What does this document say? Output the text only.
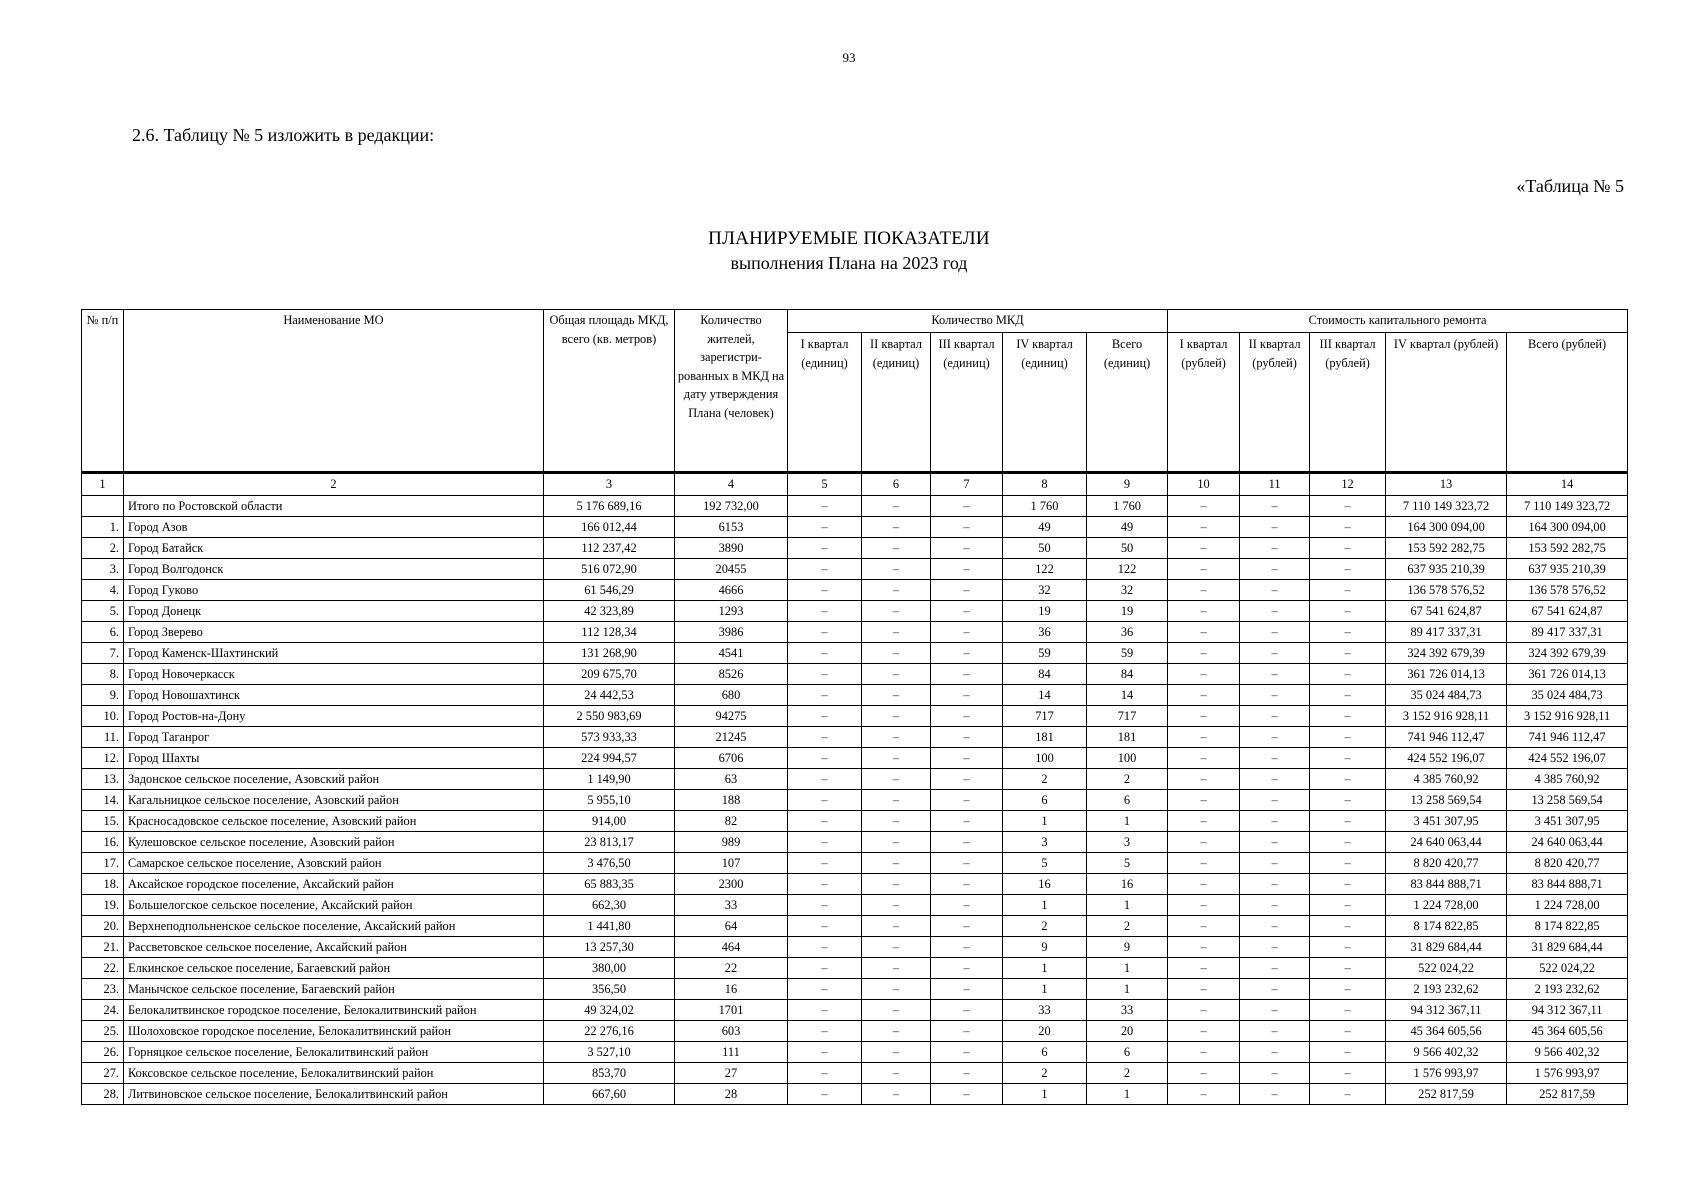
93
2.6. Таблицу № 5 изложить в редакции:
«Таблица № 5
ПЛАНИРУЕМЫЕ ПОКАЗАТЕЛИ
выполнения Плана на 2023 год
№ п/п	Наименование МО	Общая площадь МКД, всего (кв. метров)	Количество жителей, зарегистри-рованных в МКД на дату утверждения Плана (человек)	Количество МКД					Стоимость капитального ремонта				
				I квартал (единиц)	II квартал (единиц)	III квартал (единиц)	IV квартал (единиц)	Всего (единиц)	I квартал (рублей)	II квартал (рублей)	III квартал (рублей)	IV квартал (рублей)	Всего (рублей)
1	2	3	4	5	6	7	8	9	10	11	12	13	14
	Итого по Ростовской области	5 176 689,16	192 732,00	–	–	–	1 760	1 760	–	–	–	7 110 149 323,72	7 110 149 323,72
1.	Город Азов	166 012,44	6153	–	–	–	49	49	–	–	–	164 300 094,00	164 300 094,00
2.	Город Батайск	112 237,42	3890	–	–	–	50	50	–	–	–	153 592 282,75	153 592 282,75
3.	Город Волгодонск	516 072,90	20455	–	–	–	122	122	–	–	–	637 935 210,39	637 935 210,39
4.	Город Гуково	61 546,29	4666	–	–	–	32	32	–	–	–	136 578 576,52	136 578 576,52
5.	Город Донецк	42 323,89	1293	–	–	–	19	19	–	–	–	67 541 624,87	67 541 624,87
6.	Город Зверево	112 128,34	3986	–	–	–	36	36	–	–	–	89 417 337,31	89 417 337,31
7.	Город Каменск-Шахтинский	131 268,90	4541	–	–	–	59	59	–	–	–	324 392 679,39	324 392 679,39
8.	Город Новочеркасск	209 675,70	8526	–	–	–	84	84	–	–	–	361 726 014,13	361 726 014,13
9.	Город Новошахтинск	24 442,53	680	–	–	–	14	14	–	–	–	35 024 484,73	35 024 484,73
10.	Город Ростов-на-Дону	2 550 983,69	94275	–	–	–	717	717	–	–	–	3 152 916 928,11	3 152 916 928,11
11.	Город Таганрог	573 933,33	21245	–	–	–	181	181	–	–	–	741 946 112,47	741 946 112,47
12.	Город Шахты	224 994,57	6706	–	–	–	100	100	–	–	–	424 552 196,07	424 552 196,07
13.	Задонское сельское поселение, Азовский район	1 149,90	63	–	–	–	2	2	–	–	–	4 385 760,92	4 385 760,92
14.	Кагальницкое сельское поселение, Азовский район	5 955,10	188	–	–	–	6	6	–	–	–	13 258 569,54	13 258 569,54
15.	Красносадовское сельское поселение, Азовский район	914,00	82	–	–	–	1	1	–	–	–	3 451 307,95	3 451 307,95
16.	Кулешовское сельское поселение, Азовский район	23 813,17	989	–	–	–	3	3	–	–	–	24 640 063,44	24 640 063,44
17.	Самарское сельское поселение, Азовский район	3 476,50	107	–	–	–	5	5	–	–	–	8 820 420,77	8 820 420,77
18.	Аксайское городское поселение, Аксайский район	65 883,35	2300	–	–	–	16	16	–	–	–	83 844 888,71	83 844 888,71
19.	Большелогское сельское поселение, Аксайский район	662,30	33	–	–	–	1	1	–	–	–	1 224 728,00	1 224 728,00
20.	Верхнеподпольненское сельское поселение, Аксайский район	1 441,80	64	–	–	–	2	2	–	–	–	8 174 822,85	8 174 822,85
21.	Рассветовское сельское поселение, Аксайский район	13 257,30	464	–	–	–	9	9	–	–	–	31 829 684,44	31 829 684,44
22.	Елкинское сельское поселение, Багаевский район	380,00	22	–	–	–	1	1	–	–	–	522 024,22	522 024,22
23.	Манычское сельское поселение, Багаевский район	356,50	16	–	–	–	1	1	–	–	–	2 193 232,62	2 193 232,62
24.	Белокалитвинское городское поселение, Белокалитвинский район	49 324,02	1701	–	–	–	33	33	–	–	–	94 312 367,11	94 312 367,11
25.	Шолоховское городское поселение, Белокалитвинский район	22 276,16	603	–	–	–	20	20	–	–	–	45 364 605,56	45 364 605,56
26.	Горняцкое сельское поселение, Белокалитвинский район	3 527,10	111	–	–	–	6	6	–	–	–	9 566 402,32	9 566 402,32
27.	Коксовское сельское поселение, Белокалитвинский район	853,70	27	–	–	–	2	2	–	–	–	1 576 993,97	1 576 993,97
28.	Литвиновское сельское поселение, Белокалитвинский район	667,60	28	–	–	–	1	1	–	–	–	252 817,59	252 817,59
